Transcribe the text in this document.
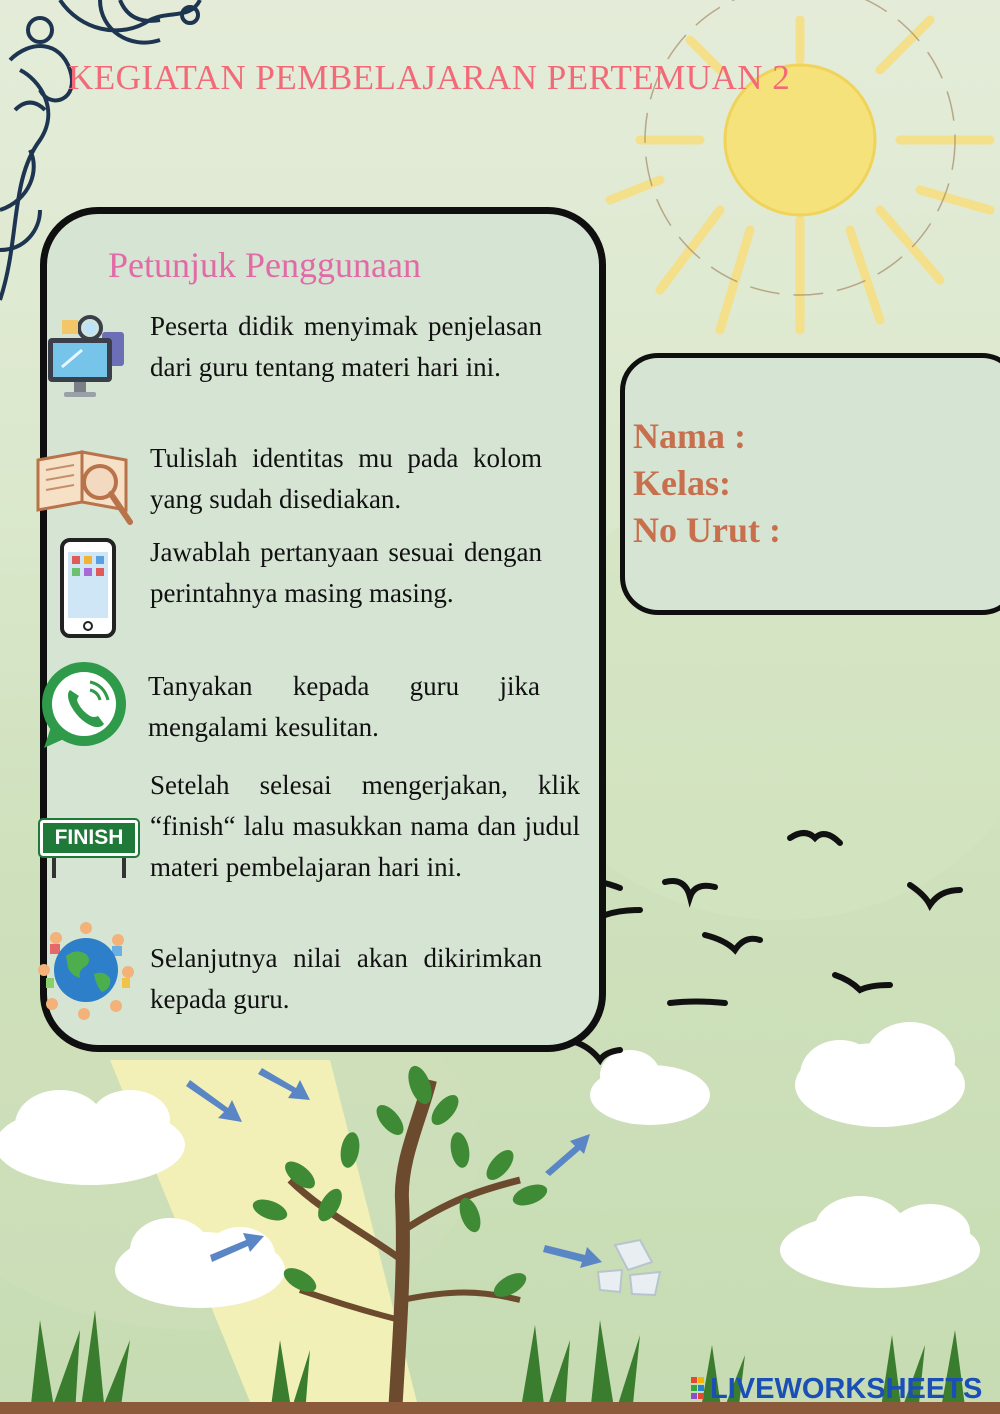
KEGIATAN PEMBELAJARAN PERTEMUAN 2
Petunjuk Penggunaan
FINISH

Peserta didik menyimak penjelasan dari guru tentang materi hari ini.

Tulislah identitas mu pada kolom yang sudah disediakan.

Jawablah pertanyaan sesuai dengan perintahnya masing masing.

Tanyakan kepada guru jika mengalami kesulitan.

Setelah selesai mengerjakan, klik “finish“ lalu masukkan nama dan judul materi pembelajaran hari ini.

Selanjutnya nilai akan dikirimkan kepada guru.

Nama :

Kelas:

No Urut :

LIVEWORKSHEETS
